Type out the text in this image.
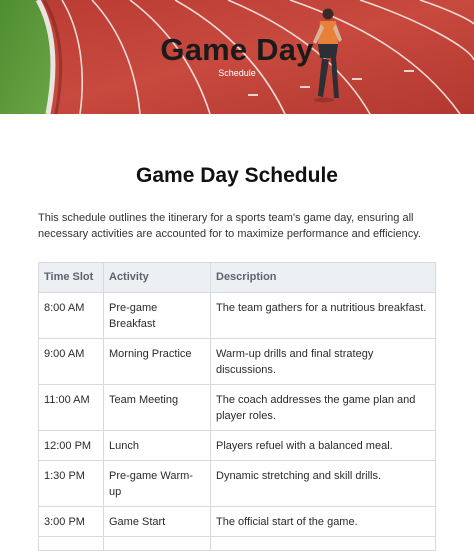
Game Day
Schedule
Game Day Schedule
This schedule outlines the itinerary for a sports team's game day, ensuring all necessary activities are accounted for to maximize performance and efficiency.
Time Slot	Activity	Description
8:00 AM	Pre-game Breakfast	The team gathers for a nutritious breakfast.
9:00 AM	Morning Practice	Warm-up drills and final strategy discussions.
11:00 AM	Team Meeting	The coach addresses the game plan and player roles.
12:00 PM	Lunch	Players refuel with a balanced meal.
1:30 PM	Pre-game Warm-up	Dynamic stretching and skill drills.
3:00 PM	Game Start	The official start of the game.
